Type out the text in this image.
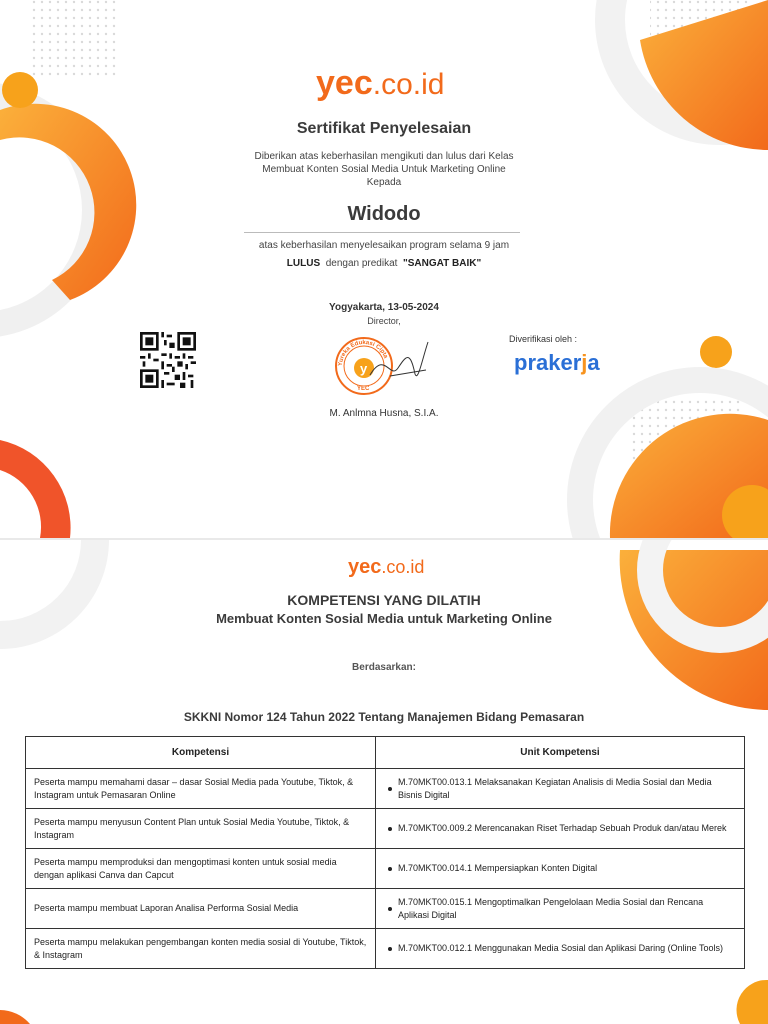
yec .co.id
Sertifikat Penyelesaian
Diberikan atas keberhasilan mengikuti dan lulus dari Kelas
Membuat Konten Sosial Media Untuk Marketing Online
Kepada
Widodo
atas keberhasilan menyelesaikan program selama 9 jam
LULUS dengan predikat "SANGAT BAIK"
Yogyakarta, 13-05-2024
Director,
Yureka Edukasi Cipta
y
YEC
M. Anlmna Husna, S.I.A.
Diverifikasi oleh :
prakerja
yec .co.id
KOMPETENSI YANG DILATIH
Membuat Konten Sosial Media untuk Marketing Online
Berdasarkan:
SKKNI Nomor 124 Tahun 2022 Tentang Manajemen Bidang Pemasaran
Kompetensi	Unit Kompetensi
Peserta mampu memahami dasar – dasar Sosial Media pada Youtube, Tiktok, & Instagram untuk Pemasaran Online	M.70MKT00.013.1 Melaksanakan Kegiatan Analisis di Media Sosial dan Media Bisnis Digital

Peserta mampu menyusun Content Plan untuk Sosial Media Youtube, Tiktok, & Instagram	M.70MKT00.009.2 Merencanakan Riset Terhadap Sebuah Produk dan/atau Merek

Peserta mampu memproduksi dan mengoptimasi konten untuk sosial media dengan aplikasi Canva dan Capcut	M.70MKT00.014.1 Mempersiapkan Konten Digital

Peserta mampu membuat Laporan Analisa Performa Sosial Media	M.70MKT00.015.1 Mengoptimalkan Pengelolaan Media Sosial dan Rencana Aplikasi Digital

Peserta mampu melakukan pengembangan konten media sosial di Youtube, Tiktok, & Instagram	M.70MKT00.012.1 Menggunakan Media Sosial dan Aplikasi Daring (Online Tools)
